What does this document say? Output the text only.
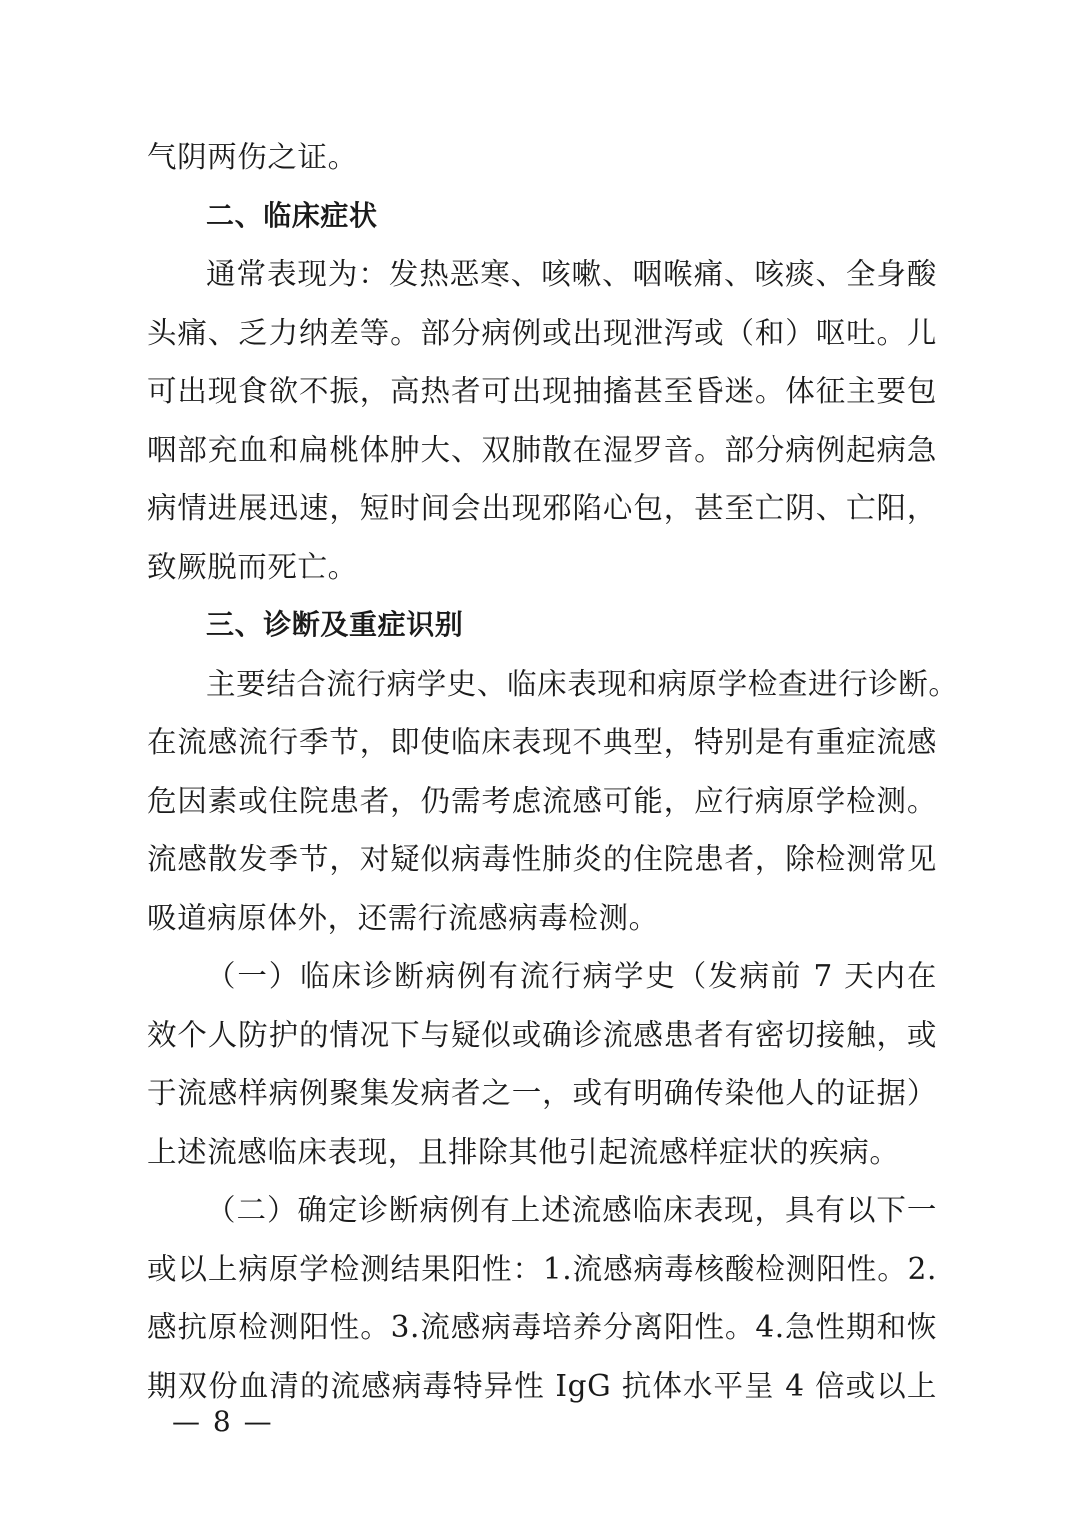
气阴两伤之证。
二、临床症状
通常表现为：发热恶寒、咳嗽、咽喉痛、咳痰、全身酸
头痛、乏力纳差等。部分病例或出现泄泻或（和）呕吐。儿
可出现食欲不振，高热者可出现抽搐甚至昏迷。体征主要包
咽部充血和扁桃体肿大、双肺散在湿罗音。部分病例起病急
病情进展迅速，短时间会出现邪陷心包，甚至亡阴、亡阳，
致厥脱而死亡。
三、诊断及重症识别
主要结合流行病学史、临床表现和病原学检查进行诊断。
在流感流行季节，即使临床表现不典型，特别是有重症流感
危因素或住院患者，仍需考虑流感可能，应行病原学检测。
流感散发季节，对疑似病毒性肺炎的住院患者，除检测常见
吸道病原体外，还需行流感病毒检测。
（一）临床诊断病例有流行病学史（发病前 7 天内在
效个人防护的情况下与疑似或确诊流感患者有密切接触，或
于流感样病例聚集发病者之一，或有明确传染他人的证据）
上述流感临床表现，且排除其他引起流感样症状的疾病。
（二）确定诊断病例有上述流感临床表现，具有以下一
或以上病原学检测结果阳性：1.流感病毒核酸检测阳性。2.
感抗原检测阳性。3.流感病毒培养分离阳性。4.急性期和恢
期双份血清的流感病毒特异性 IgG 抗体水平呈 4 倍或以上
— 8 —
